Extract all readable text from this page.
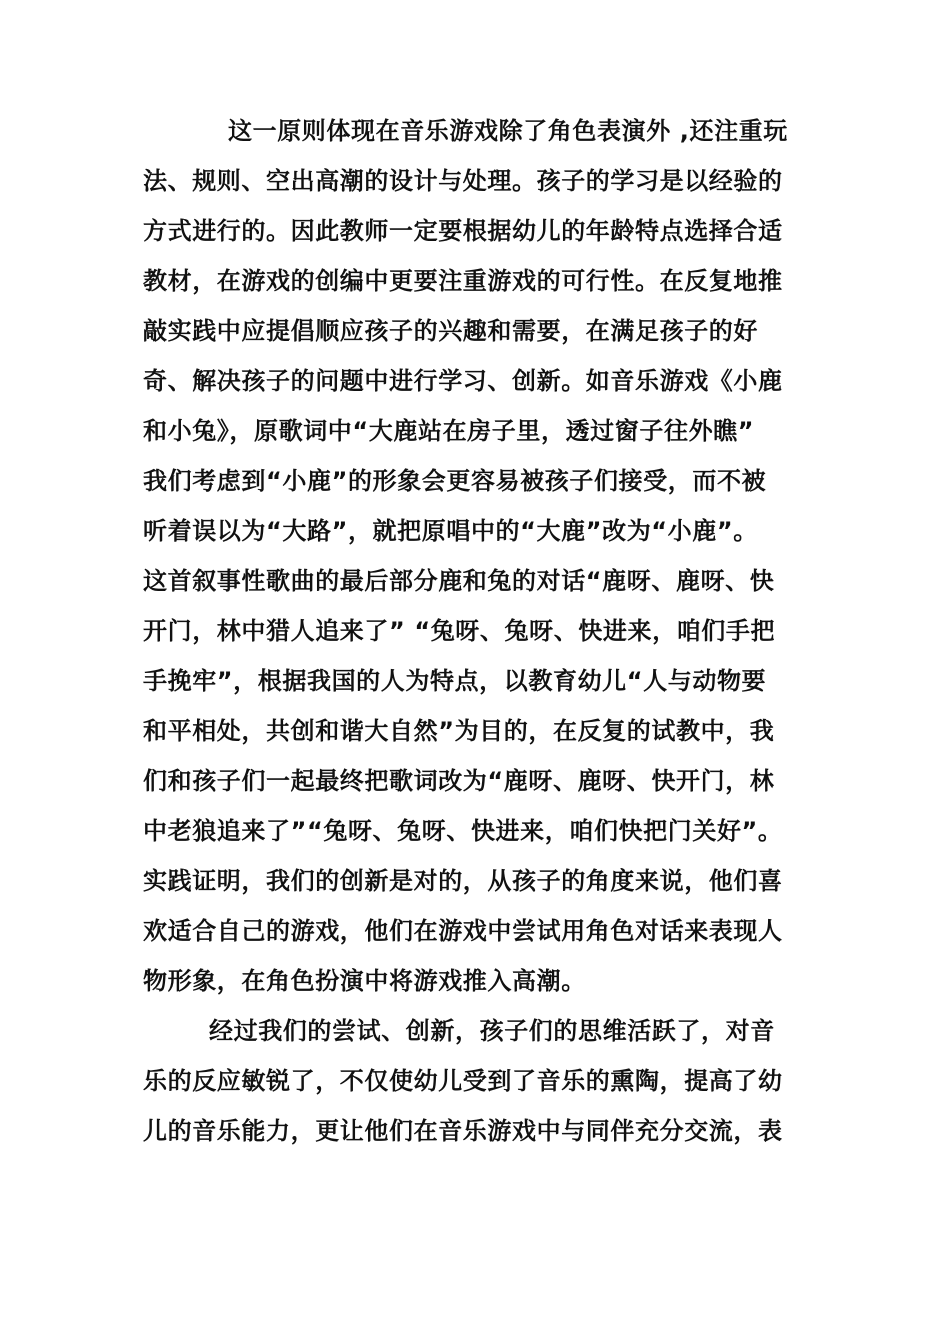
这一原则体现在音乐游戏除了角色表演外 ,还注重玩
法、规则、空出高潮的设计与处理。孩子的学习是以经验的
方式进行的。因此教师一定要根据幼儿的年龄特点选择合适
教材，在游戏的创编中更要注重游戏的可行性。在反复地推
敲实践中应提倡顺应孩子的兴趣和需要，在满足孩子的好
奇、解决孩子的问题中进行学习、创新。如音乐游戏《小鹿
和小兔》，原歌词中“大鹿站在房子里，透过窗子往外瞧”
我们考虑到“小鹿”的形象会更容易被孩子们接受，而不被
听着误以为“大路”，就把原唱中的“大鹿”改为“小鹿”。
这首叙事性歌曲的最后部分鹿和兔的对话“鹿呀、鹿呀、快
开门，林中猎人追来了” “兔呀、兔呀、快进来，咱们手把
手挽牢”，根据我国的人为特点，以教育幼儿“人与动物要
和平相处，共创和谐大自然”为目的，在反复的试教中，我
们和孩子们一起最终把歌词改为“鹿呀、鹿呀、快开门，林
中老狼追来了”“兔呀、兔呀、快进来，咱们快把门关好”。
实践证明，我们的创新是对的，从孩子的角度来说，他们喜
欢适合自己的游戏，他们在游戏中尝试用角色对话来表现人
物形象，在角色扮演中将游戏推入高潮。
经过我们的尝试、创新，孩子们的思维活跃了，对音
乐的反应敏锐了，不仅使幼儿受到了音乐的熏陶，提高了幼
儿的音乐能力，更让他们在音乐游戏中与同伴充分交流，表
